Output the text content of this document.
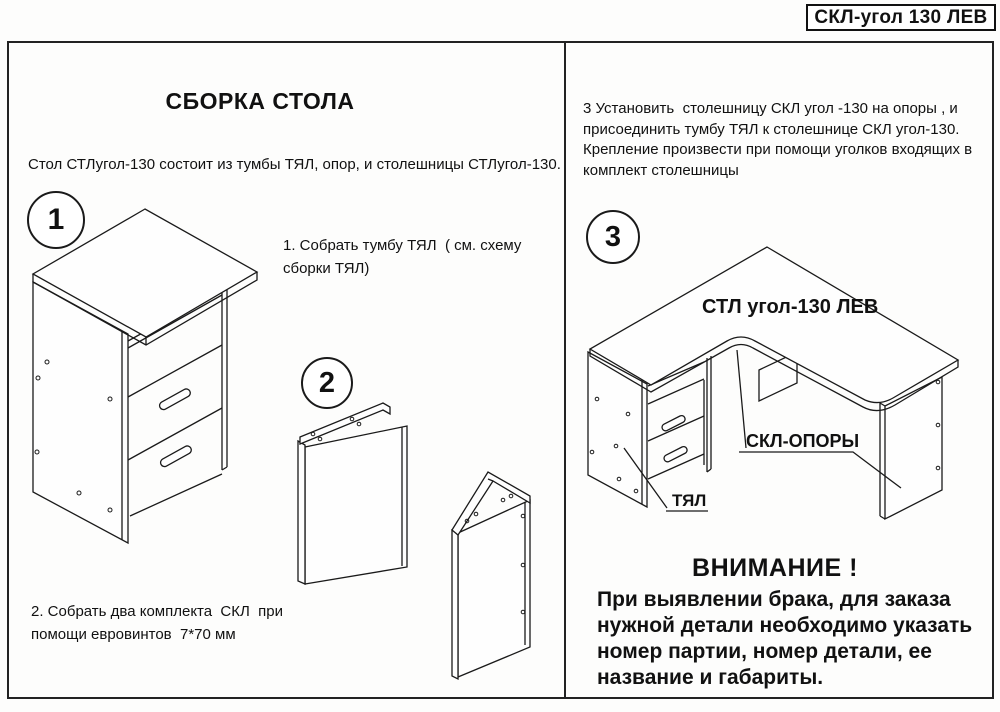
СКЛ-угол 130 ЛЕВ
СБОРКА СТОЛА
Стол СТЛугол-130 состоит из тумбы ТЯЛ, опор, и столешницы СТЛугол-130.
1
1. Собрать тумбу ТЯЛ  ( см. схему
сборки ТЯЛ)
2
2. Собрать два комплекта  СКЛ  при
помощи евровинтов  7*70 мм
3 Установить  столешницу СКЛ угол -130 на опоры , и
присоединить тумбу ТЯЛ к столешнице СКЛ угол-130.
Крепление произвести при помощи уголков входящих в
комплект столешницы
3
СТЛ угол-130 ЛЕВ
СКЛ-ОПОРЫ
ТЯЛ
ВНИМАНИЕ !
При выявлении брака, для заказа
нужной детали необходимо указать
номер партии, номер детали, ее
название и габариты.
